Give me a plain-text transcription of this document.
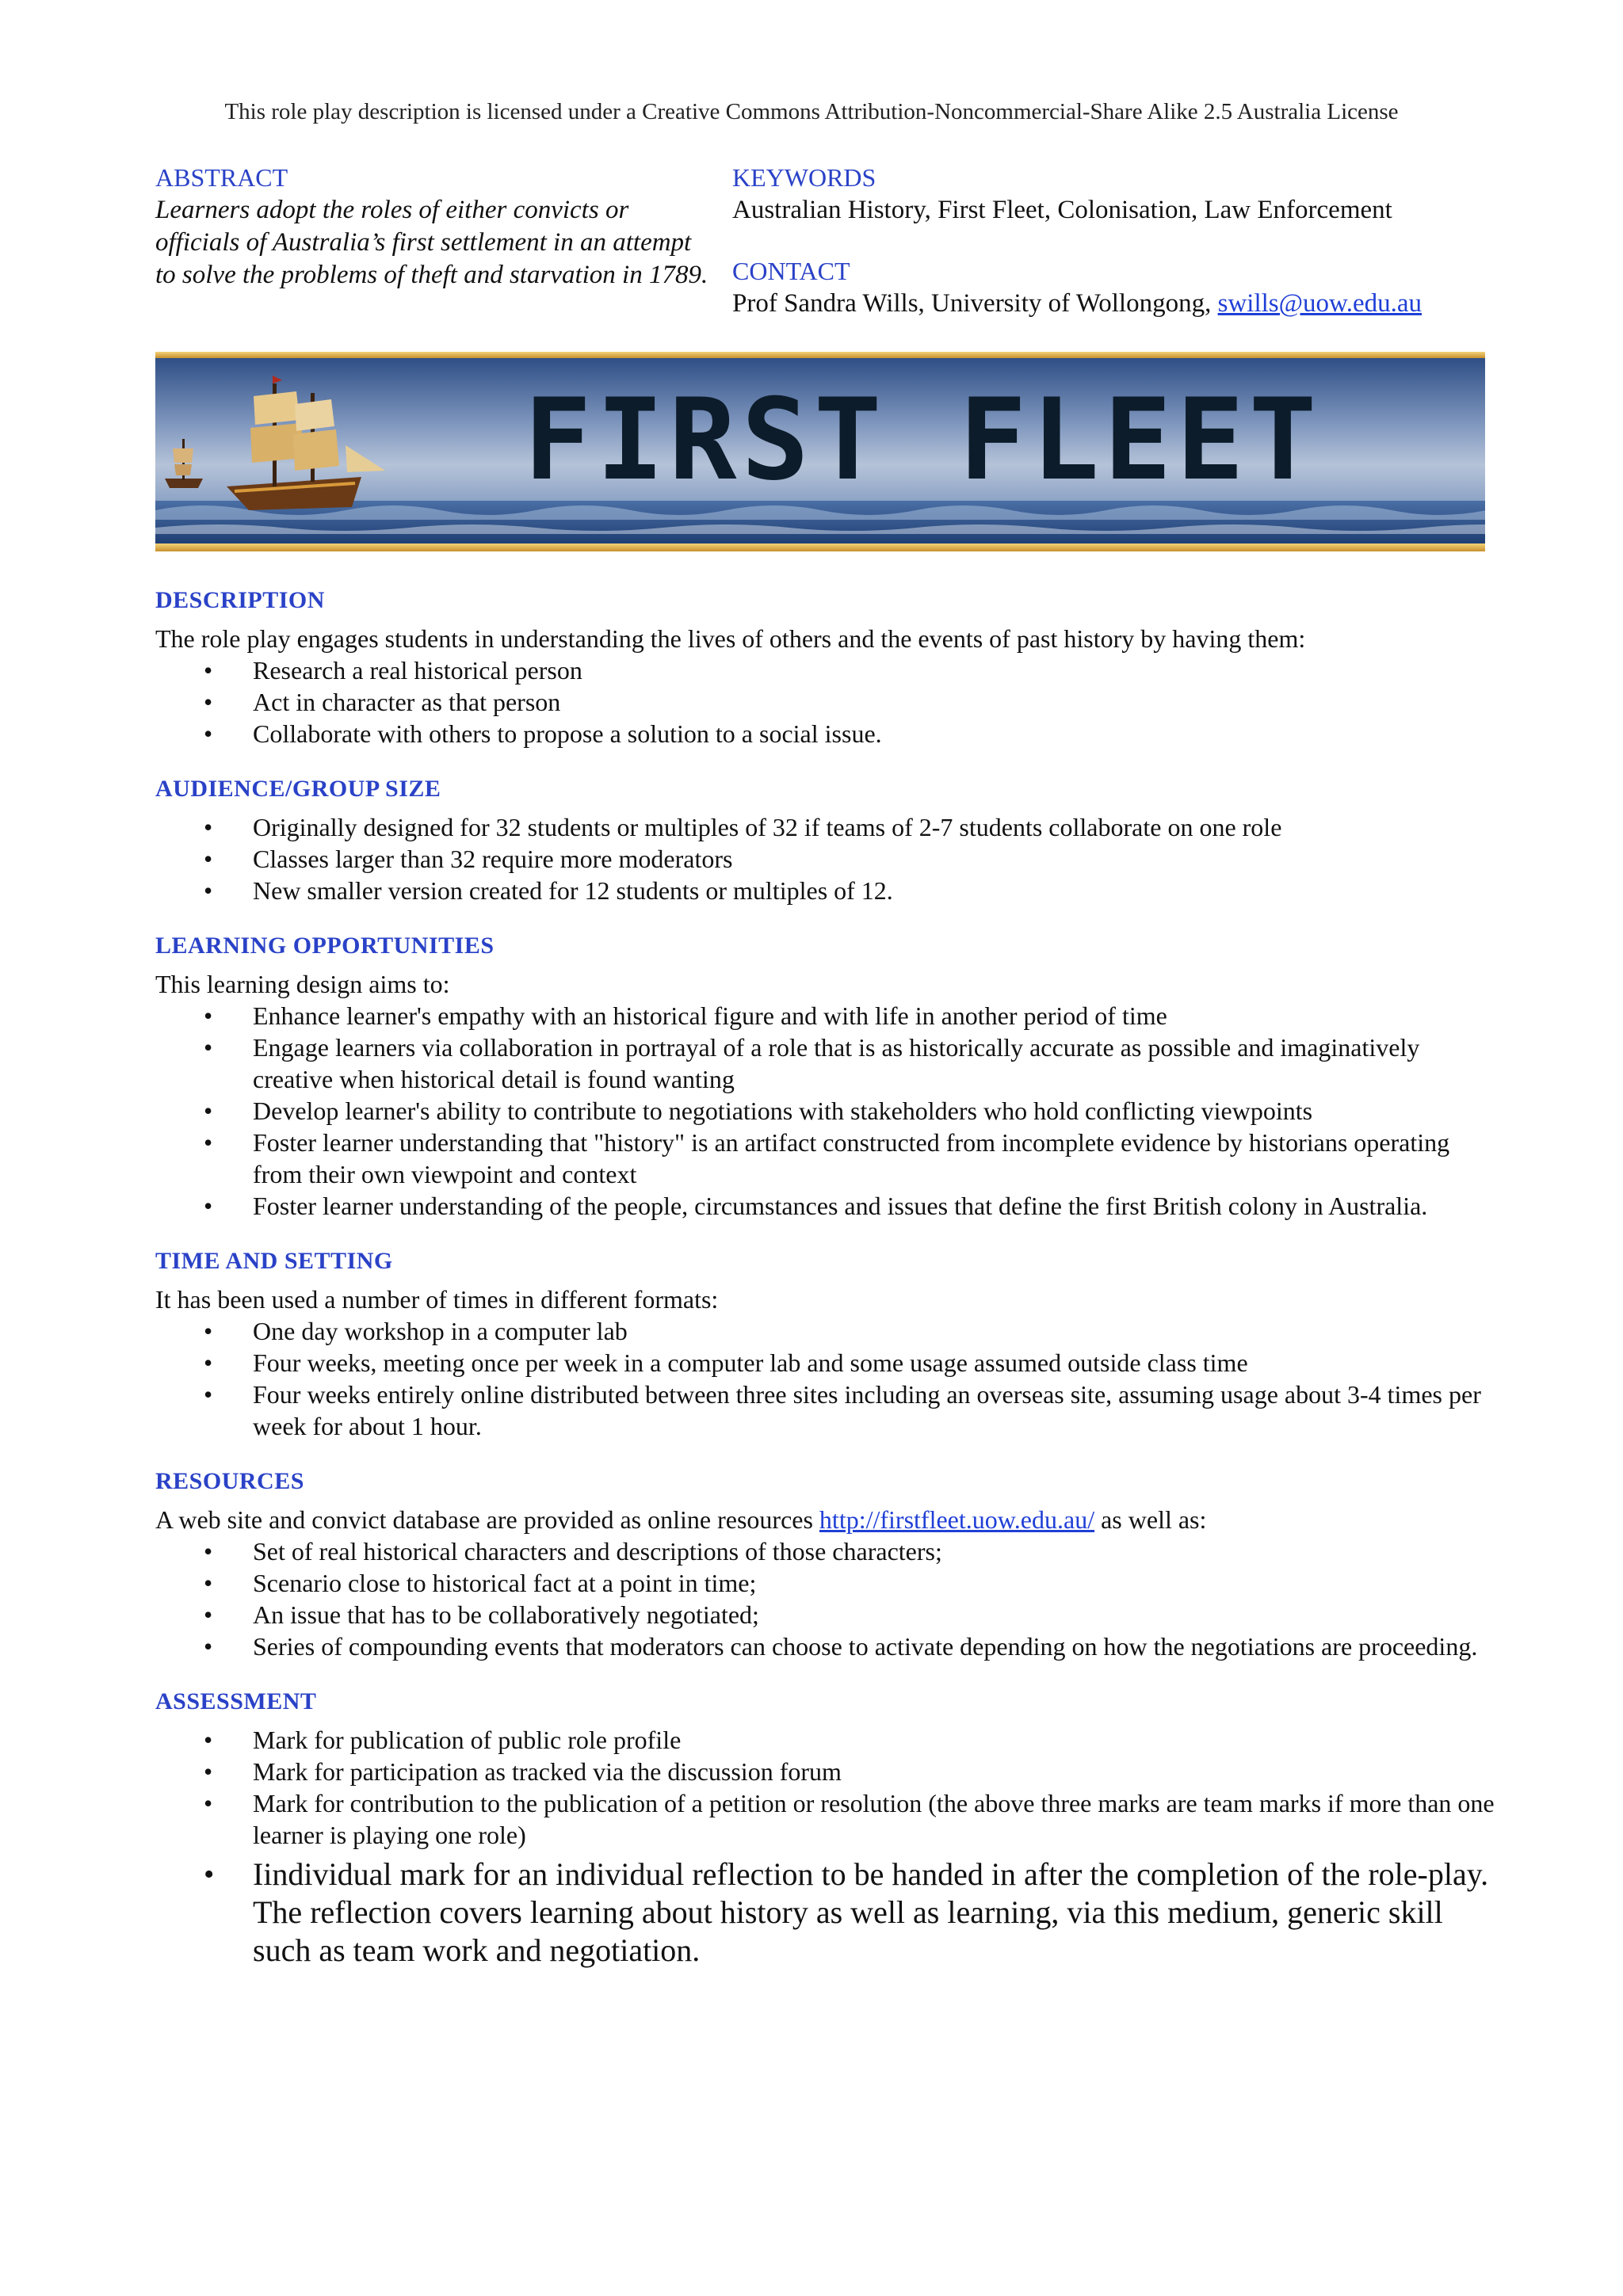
This role play description is licensed under a Creative Commons Attribution-Noncommercial-Share Alike 2.5 Australia License
ABSTRACT
Learners adopt the roles of either convicts or officials of Australia’s first settlement in an attempt to solve the problems of theft and starvation in 1789.
KEYWORDS
Australian History, First Fleet, Colonisation, Law Enforcement
CONTACT
Prof Sandra Wills, University of Wollongong, swills@uow.edu.au
FIRST FLEET
DESCRIPTION

The role play engages students in understanding the lives of others and the events of past history by having them:

• Research a real historical person
• Act in character as that person
• Collaborate with others to propose a solution to a social issue.
AUDIENCE/GROUP SIZE
• Originally designed for 32 students or multiples of 32 if teams of 2-7 students collaborate on one role
• Classes larger than 32 require more moderators
• New smaller version created for 12 students or multiples of 12.
LEARNING OPPORTUNITIES

This learning design aims to:

• Enhance learner's empathy with an historical figure and with life in another period of time
• Engage learners via collaboration in portrayal of a role that is as historically accurate as possible and imaginatively creative when historical detail is found wanting
• Develop learner's ability to contribute to negotiations with stakeholders who hold conflicting viewpoints
• Foster learner understanding that "history" is an artifact constructed from incomplete evidence by historians operating from their own viewpoint and context
• Foster learner understanding of the people, circumstances and issues that define the first British colony in Australia.
TIME AND SETTING

It has been used a number of times in different formats:

• One day workshop in a computer lab
• Four weeks, meeting once per week in a computer lab and some usage assumed outside class time
• Four weeks entirely online distributed between three sites including an overseas site, assuming usage about 3-4 times per week for about 1 hour.
RESOURCES

A web site and convict database are provided as online resources http://firstfleet.uow.edu.au/ as well as:

• Set of real historical characters and descriptions of those characters;
• Scenario close to historical fact at a point in time;
• An issue that has to be collaboratively negotiated;
• Series of compounding events that moderators can choose to activate depending on how the negotiations are proceeding.
ASSESSMENT
• Mark for publication of public role profile
• Mark for participation as tracked via the discussion forum
• Mark for contribution to the publication of a petition or resolution (the above three marks are team marks if more than one learner is playing one role)
• Iindividual mark for an individual reflection to be handed in after the completion of the role-play. The reflection covers learning about history as well as learning, via this medium, generic skill such as team work and negotiation.
